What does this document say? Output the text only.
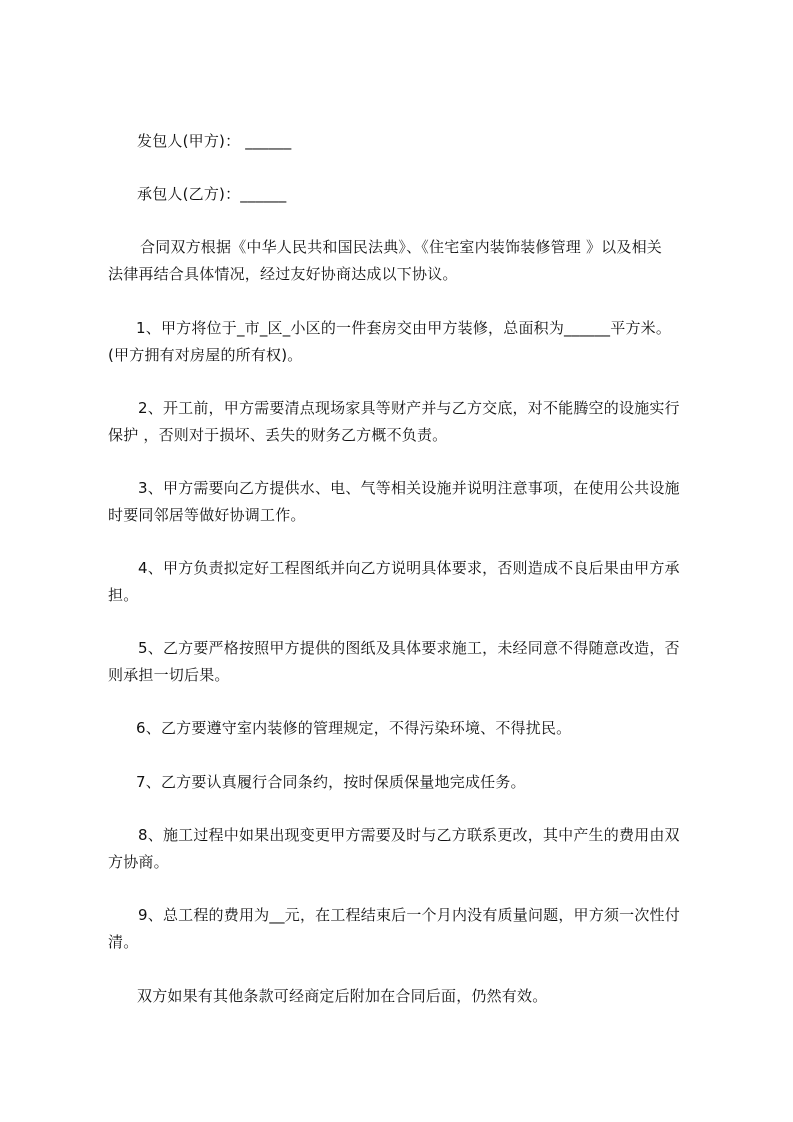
发包人(甲方)： ______
承包人(乙方)：______
合同双方根据《中华人民共和国民法典》、《住宅室内装饰装修管理 》以及相关
法律再结合具体情况，经过友好协商达成以下协议。
1、甲方将位于_市_区_小区的一件套房交由甲方装修，总面积为______平方米。
(甲方拥有对房屋的所有权)。
2、开工前，甲方需要清点现场家具等财产并与乙方交底，对不能腾空的设施实行
保护 ，否则对于损坏、丢失的财务乙方概不负责。
3、甲方需要向乙方提供水、电、气等相关设施并说明注意事项，在使用公共设施
时要同邻居等做好协调工作。
4、甲方负责拟定好工程图纸并向乙方说明具体要求，否则造成不良后果由甲方承
担。
5、乙方要严格按照甲方提供的图纸及具体要求施工，未经同意不得随意改造，否
则承担一切后果。
6、乙方要遵守室内装修的管理规定，不得污染环境、不得扰民。
7、乙方要认真履行合同条约，按时保质保量地完成任务。
8、施工过程中如果出现变更甲方需要及时与乙方联系更改，其中产生的费用由双
方协商。
9、总工程的费用为__元，在工程结束后一个月内没有质量问题，甲方须一次性付
清。
双方如果有其他条款可经商定后附加在合同后面，仍然有效。
